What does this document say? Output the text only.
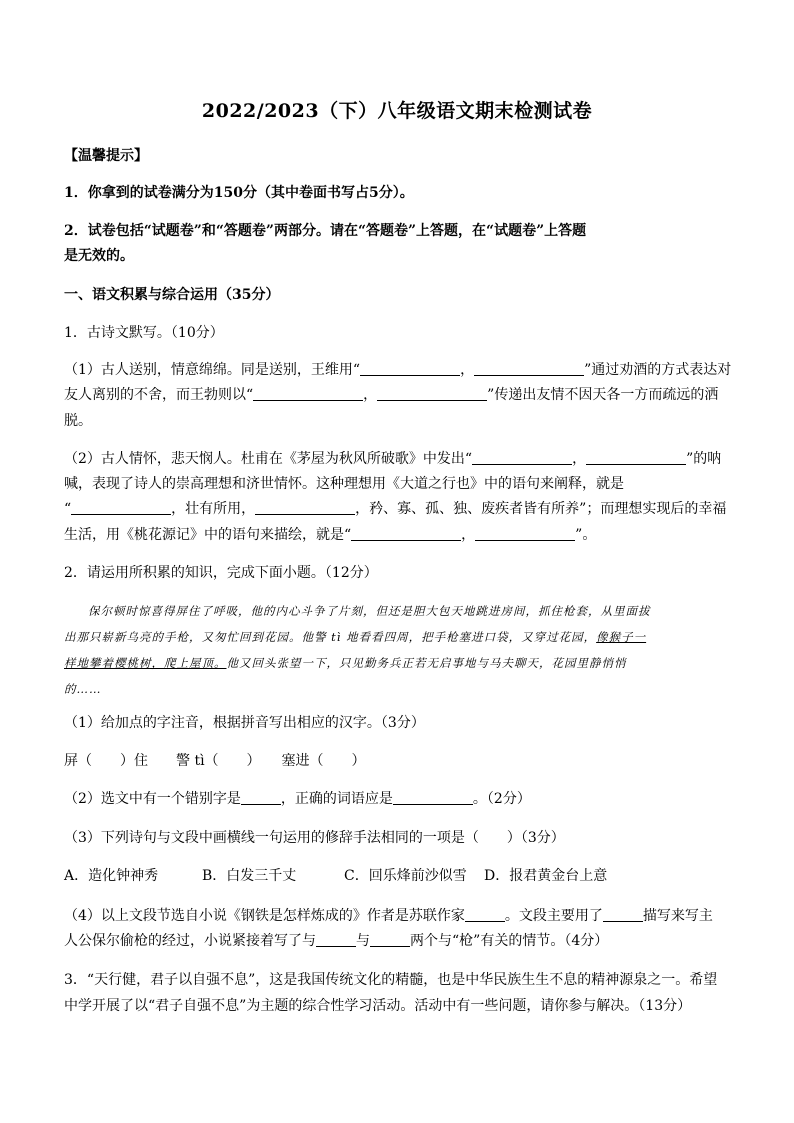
2022/2023（下）八年级语文期末检测试卷
【温馨提示】
1．你拿到的试卷满分为150分（其中卷面书写占5分）。
2．试卷包括“试题卷”和“答题卷”两部分。请在“答题卷”上答题，在“试题卷”上答题
是无效的。
一、语文积累与综合运用（35分）
1．古诗文默写。（10分）
（1）古人送别，情意绵绵。同是送别，王维用“	，	”通过劝酒的方式表达对
友人离别的不舍，而王勃则以“	，	”传递出友情不因天各一方而疏远的洒
脱。
（2）古人情怀，悲天悯人。杜甫在《茅屋为秋风所破歌》中发出“	，	”的呐
喊，表现了诗人的崇高理想和济世情怀。这种理想用《大道之行也》中的语句来阐释，就是
“	，壮有所用，	，矜、寡、孤、独、废疾者皆有所养”；而理想实现后的幸福
生活，用《桃花源记》中的语句来描绘，就是“	，	”。
2．请运用所积累的知识，完成下面小题。（12分）
保尔顿时惊喜得屏住了呼吸，他的内心斗争了片刻，但还是胆大包天地跳进房间，抓住枪套，从里面拔
出那只崭新乌亮的手枪，又匆忙回到花园。他警 tì 地看看四周，把手枪塞进口袋，又穿过花园，像猴子一
样地攀着樱桃树，爬上屋顶。他又回头张望一下，只见勤务兵正若无启事地与马夫聊天，花园里静悄悄
的……
（1）给加点的字注音，根据拼音写出相应的汉字。（3分）
屏（　　）住　　警 tì（　　）　　塞进（　　）
（2）选文中有一个错别字是	，正确的词语应是	。（2分）
（3）下列诗句与文段中画横线一句运用的修辞手法相同的一项是（　　）（3分）
A．造化钟神秀	B．白发三千丈	C．回乐烽前沙似雪 D．报君黄金台上意
（4）以上文段节选自小说《钢铁是怎样炼成的》作者是苏联作家	。文段主要用了	描写来写主
人公保尔偷枪的经过，小说紧接着写了与	与	两个与“枪”有关的情节。（4分）
3．“天行健，君子以自强不息”，这是我国传统文化的精髓，也是中华民族生生不息的精神源泉之一。希望
中学开展了以“君子自强不息”为主题的综合性学习活动。活动中有一些问题，请你参与解决。（13分）
